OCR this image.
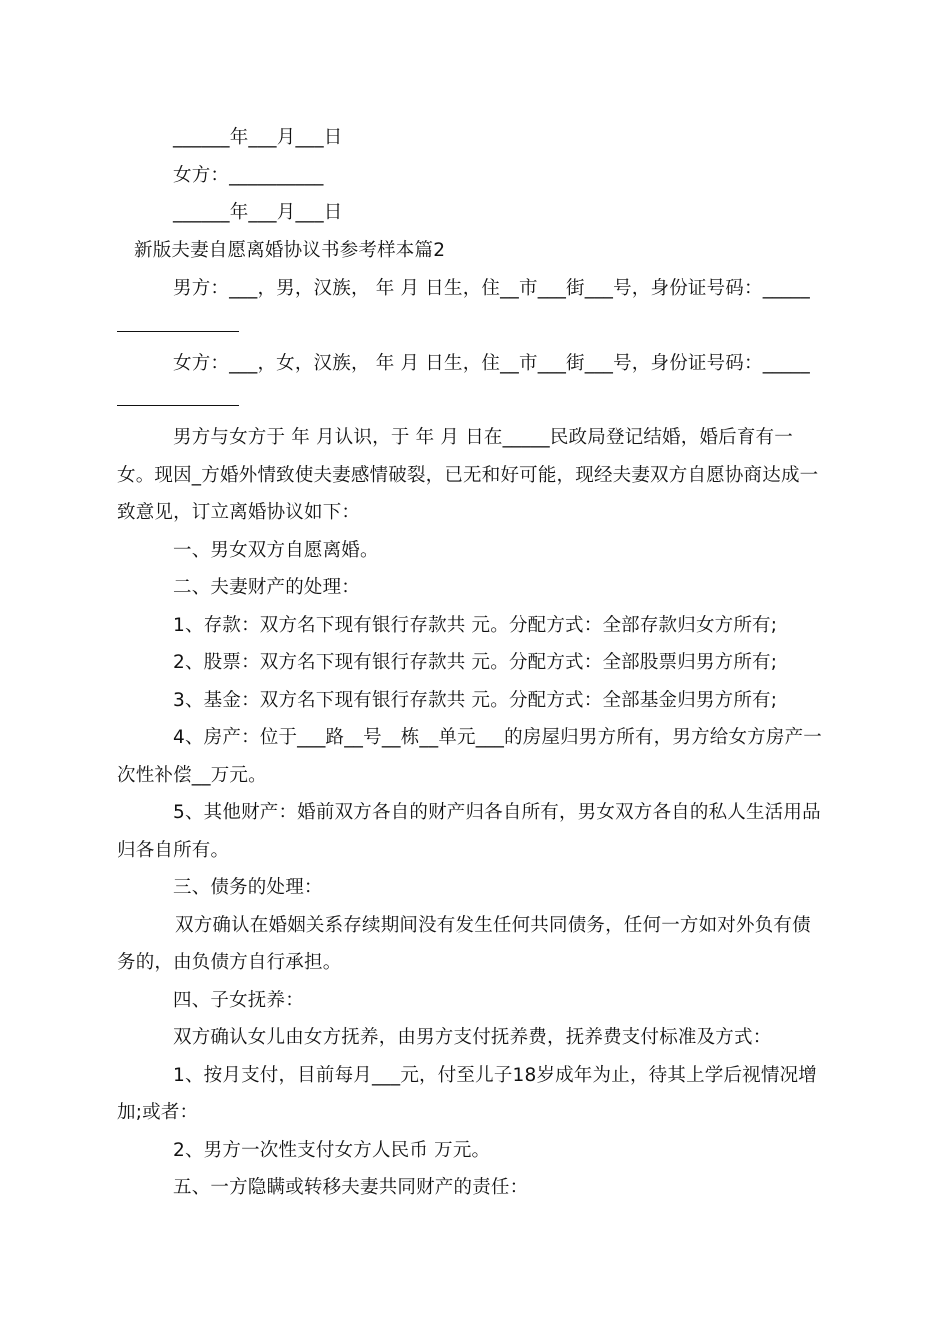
______年___月___日
女方：__________
______年___月___日
新版夫妻自愿离婚协议书参考样本篇2
男方：___，男，汉族， 年 月 日生，住__市___街___号，身份证号码：_____
女方：___，女，汉族， 年 月 日生，住__市___街___号，身份证号码：_____
男方与女方于 年 月认识，于 年 月 日在_____民政局登记结婚，婚后育有一
女。现因_方婚外情致使夫妻感情破裂，已无和好可能，现经夫妻双方自愿协商达成一
致意见，订立离婚协议如下：
一、男女双方自愿离婚。
二、夫妻财产的处理：
1、存款：双方名下现有银行存款共 元。分配方式：全部存款归女方所有;
2、股票：双方名下现有银行存款共 元。分配方式：全部股票归男方所有;
3、基金：双方名下现有银行存款共 元。分配方式：全部基金归男方所有;
4、房产：位于___路__号__栋__单元___的房屋归男方所有，男方给女方房产一
次性补偿__万元。
5、其他财产：婚前双方各自的财产归各自所有，男女双方各自的私人生活用品
归各自所有。
三、债务的处理：
双方确认在婚姻关系存续期间没有发生任何共同债务，任何一方如对外负有债
务的，由负债方自行承担。
四、子女抚养：
双方确认女儿由女方抚养，由男方支付抚养费，抚养费支付标准及方式：
1、按月支付，目前每月___元，付至儿子18岁成年为止，待其上学后视情况增
加;或者：
2、男方一次性支付女方人民币 万元。
五、一方隐瞒或转移夫妻共同财产的责任：
